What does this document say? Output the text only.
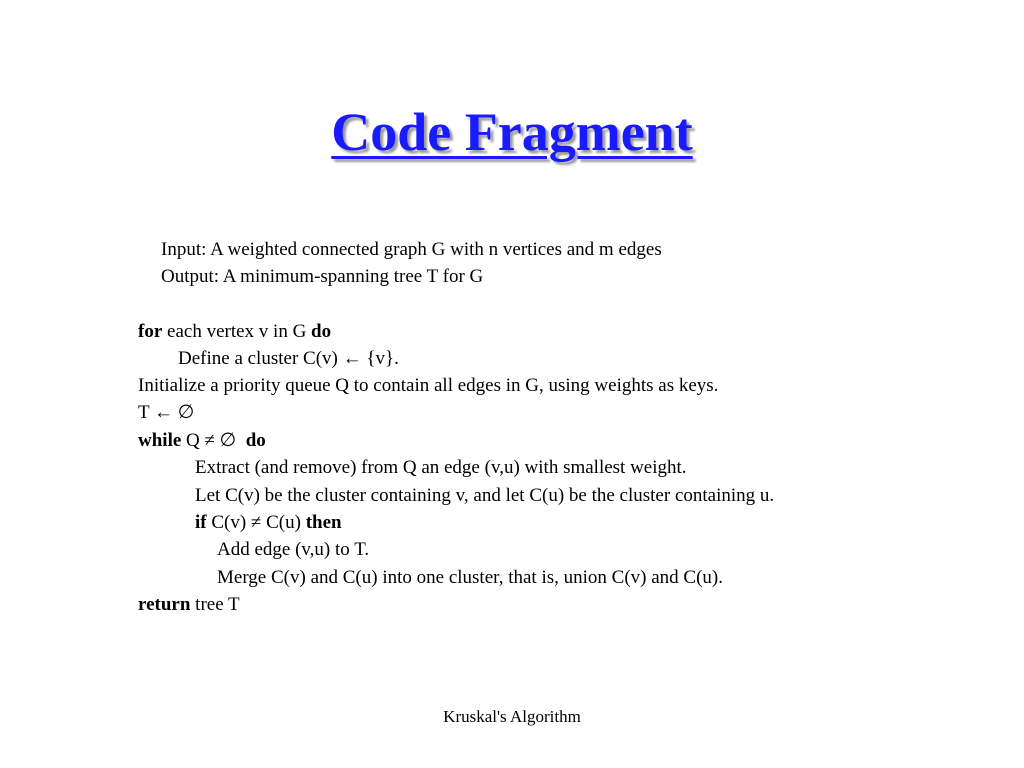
Code Fragment

Input: A weighted connected graph G with n vertices and m edges

Output: A minimum-spanning tree T for G

for each vertex v in G do

Define a cluster C(v) ← {v}.

Initialize a priority queue Q to contain all edges in G, using weights as keys.

T ← ∅

while Q ≠ ∅  do

Extract (and remove) from Q an edge (v,u) with smallest weight.

Let C(v) be the cluster containing v, and let C(u) be the cluster containing u.

if C(v) ≠ C(u) then

Add edge (v,u) to T.

Merge C(v) and C(u) into one cluster, that is, union C(v) and C(u).

return tree T

Kruskal's Algorithm
